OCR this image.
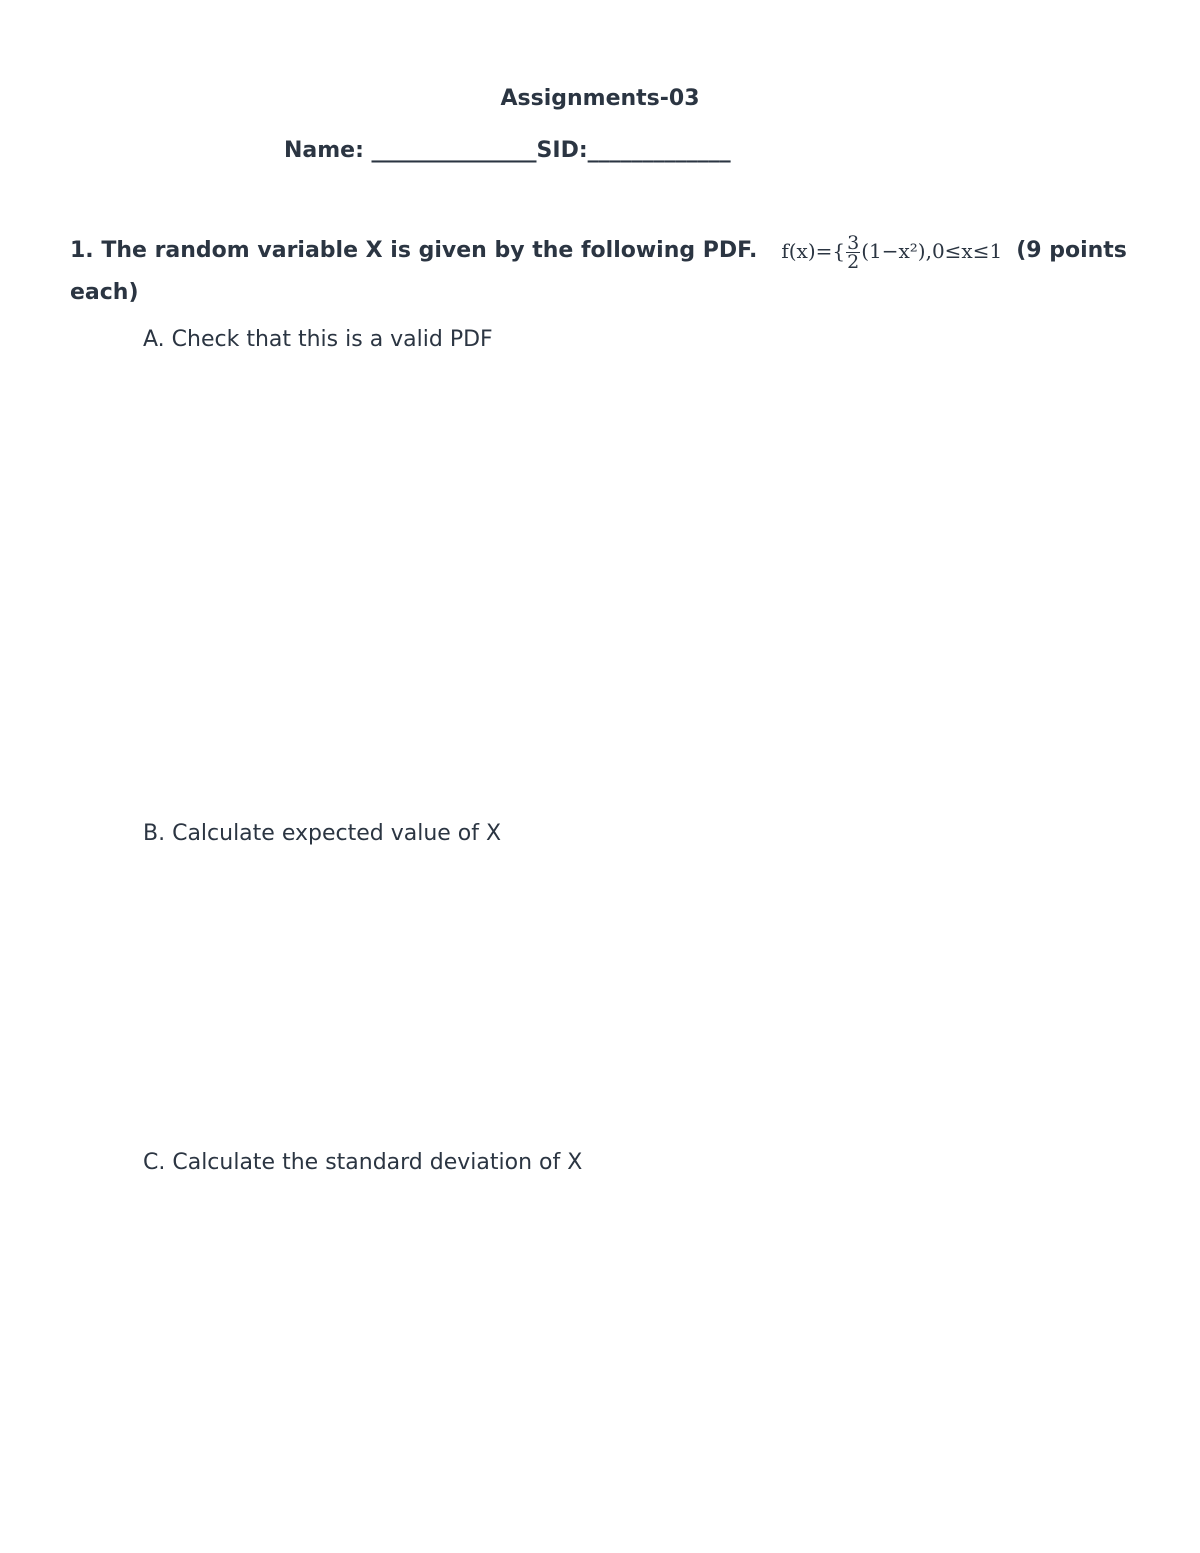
Assignments-03
Name: _______________SID:_____________

1. The random variable X is given by the following PDF. $f(x)=\{ \frac{3}{2} (1-x^2),0\le x\le 1$ (9 points each)

A. Check that this is a valid PDF

B. Calculate expected value of X

C. Calculate the standard deviation of X
